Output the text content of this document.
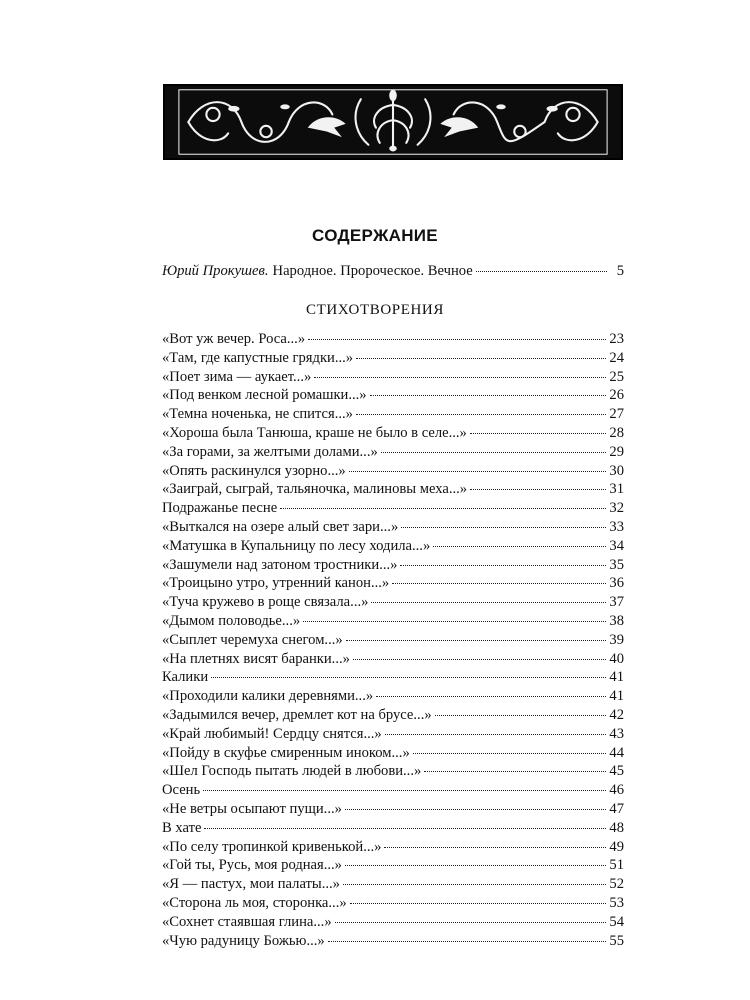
СОДЕРЖАНИЕ
Юрий Прокушев. Народное. Пророческое. Вечное	5
СТИХОТВОРЕНИЯ
«Вот уж вечер. Роса...»	23
«Там, где капустные грядки...»	24
«Поет зима — аукает...»	25
«Под венком лесной ромашки...»	26
«Темна ноченька, не спится...»	27
«Хороша была Танюша, краше не было в селе...»	28
«За горами, за желтыми долами...»	29
«Опять раскинулся узорно...»	30
«Заиграй, сыграй, тальяночка, малиновы меха...»	31
Подражанье песне	32
«Выткался на озере алый свет зари...»	33
«Матушка в Купальницу по лесу ходила...»	34
«Зашумели над затоном тростники...»	35
«Троицыно утро, утренний канон...»	36
«Туча кружево в роще связала...»	37
«Дымом половодье...»	38
«Сыплет черемуха снегом...»	39
«На плетнях висят баранки...»	40
Калики	41
«Проходили калики деревнями...»	41
«Задымился вечер, дремлет кот на брусе...»	42
«Край любимый! Сердцу снятся...»	43
«Пойду в скуфье смиренным иноком...»	44
«Шел Господь пытать людей в любови...»	45
Осень	46
«Не ветры осыпают пущи...»	47
В хате	48
«По селу тропинкой кривенькой...»	49
«Гой ты, Русь, моя родная...»	51
«Я — пастух, мои палаты...»	52
«Сторона ль моя, сторонка...»	53
«Сохнет стаявшая глина...»	54
«Чую радуницу Божью...»	55
